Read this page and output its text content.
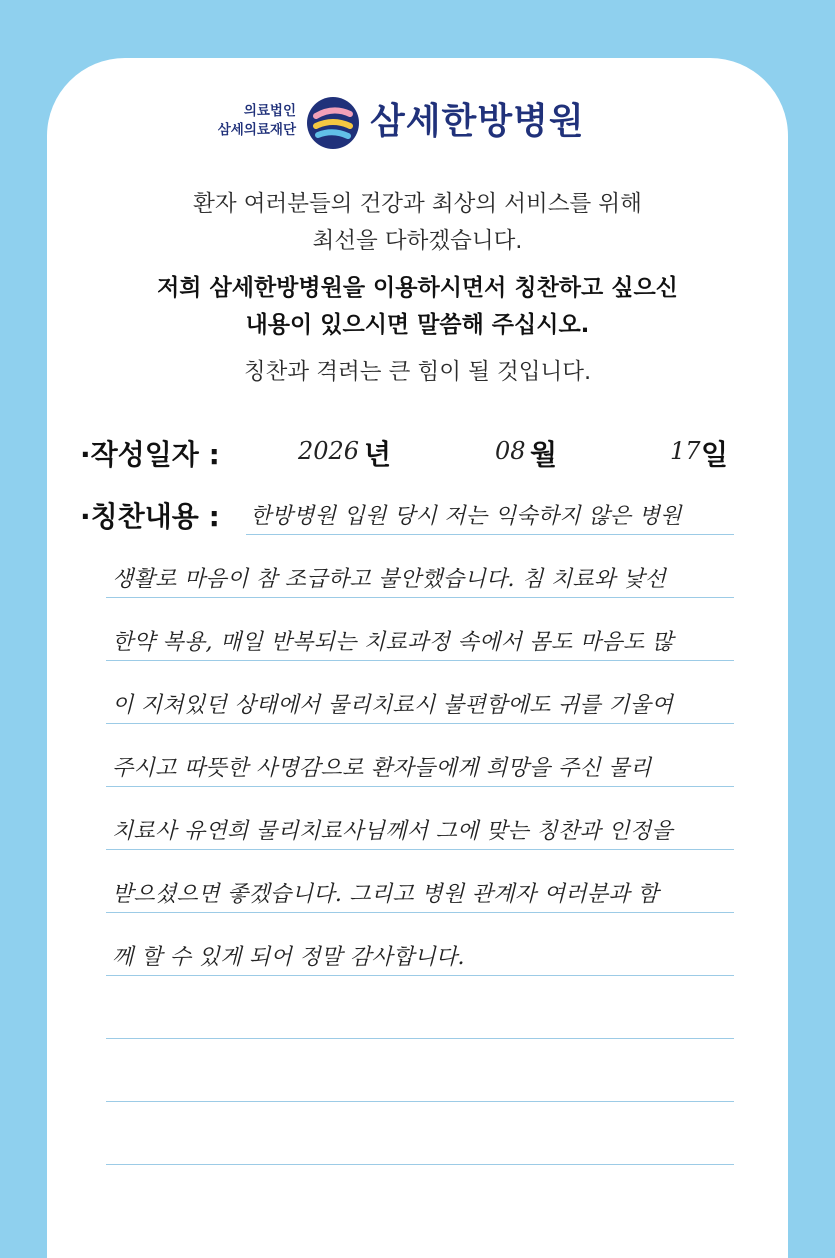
의료법인
삼세의료재단 삼세한방병원
환자 여러분들의 건강과 최상의 서비스를 위해
최선을 다하겠습니다.
저희 삼세한방병원을 이용하시면서 칭찬하고 싶으신
내용이 있으시면 말씀해 주십시오.
칭찬과 격려는 큰 힘이 될 것입니다.
·작성일자 :	2026 년	08 월	17 일
·칭찬내용 : 한방병원 입원 당시 저는 익숙하지 않은 병원
생활로 마음이 참 조급하고 불안했습니다. 침 치료와 낯선
한약 복용, 매일 반복되는 치료과정 속에서 몸도 마음도 많
이 지쳐있던 상태에서 물리치료시 불편함에도 귀를 기울여
주시고 따뜻한 사명감으로 환자들에게 희망을 주신 물리
치료사 유연희 물리치료사님께서 그에 맞는 칭찬과 인정을
받으셨으면 좋겠습니다. 그리고 병원 관계자 여러분과 함
께 할 수 있게 되어 정말 감사합니다.
